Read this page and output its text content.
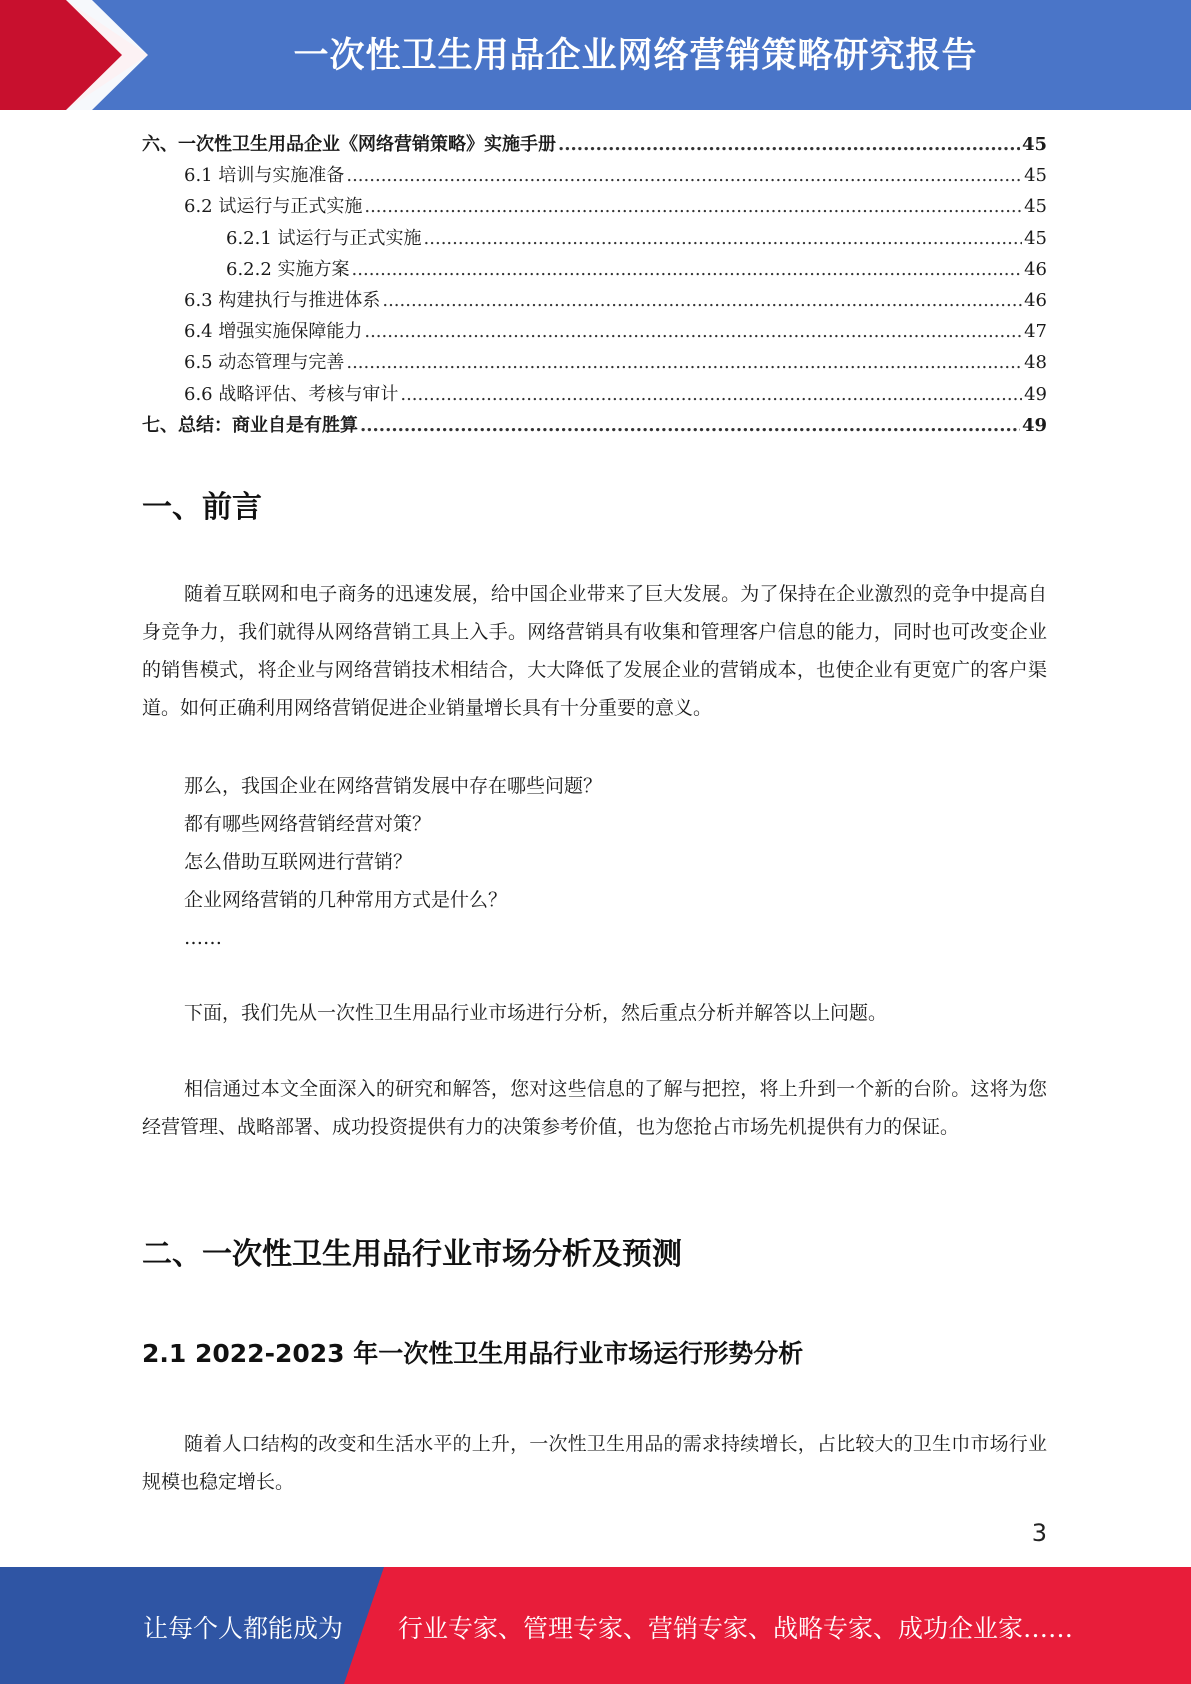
一次性卫生用品企业网络营销策略研究报告
六、一次性卫生用品企业《网络营销策略》实施手册 .....	45
6.1 培训与实施准备 .....	45
6.2 试运行与正式实施 .....	45
6.2.1 试运行与正式实施 .....	45
6.2.2 实施方案 .....	46
6.3 构建执行与推进体系 .....	46
6.4 增强实施保障能力 .....	47
6.5 动态管理与完善 .....	48
6.6 战略评估、考核与审计 .....	49
七、总结：商业自是有胜算 .....	49
一、前言

随着互联网和电子商务的迅速发展，给中国企业带来了巨大发展。为了保持在企业激烈的竞争中提高自身竞争力，我们就得从网络营销工具上入手。网络营销具有收集和管理客户信息的能力，同时也可改变企业的销售模式，将企业与网络营销技术相结合，大大降低了发展企业的营销成本，也使企业有更宽广的客户渠道。如何正确利用网络营销促进企业销量增长具有十分重要的意义。

那么，我国企业在网络营销发展中存在哪些问题？
都有哪些网络营销经营对策？
怎么借助互联网进行营销？
企业网络营销的几种常用方式是什么？
……

下面，我们先从一次性卫生用品行业市场进行分析，然后重点分析并解答以上问题。

相信通过本文全面深入的研究和解答，您对这些信息的了解与把控，将上升到一个新的台阶。这将为您经营管理、战略部署、成功投资提供有力的决策参考价值，也为您抢占市场先机提供有力的保证。

二、一次性卫生用品行业市场分析及预测
2.1 2022-2023 年一次性卫生用品行业市场运行形势分析

随着人口结构的改变和生活水平的上升，一次性卫生用品的需求持续增长，占比较大的卫生巾市场行业规模也稳定增长。

3
让每个人都能成为 行业专家、管理专家、营销专家、战略专家、成功企业家……
